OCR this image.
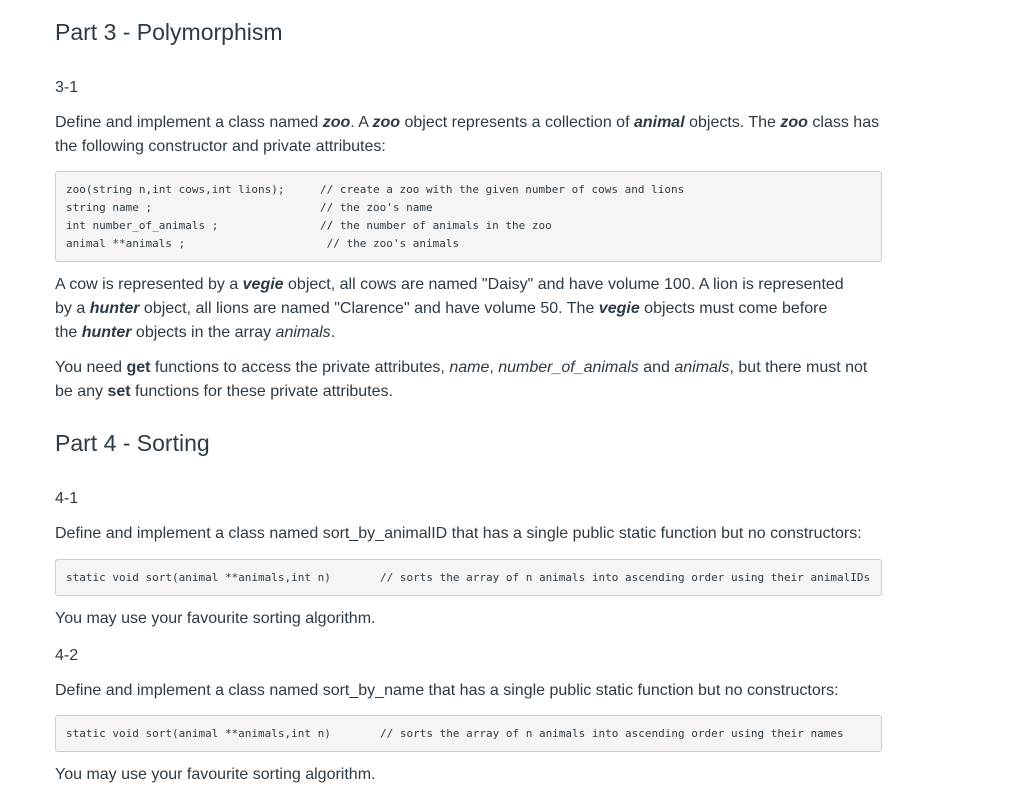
Part 3 - Polymorphism
3-1

Define and implement a class named zoo. A zoo object represents a collection of animal objects. The zoo class has the following constructor and private attributes:

zoo(string n,int cows,int lions);	// create a zoo with the given number of cows and lions
string name ;	// the zoo's name
int number_of_animals ;	// the number of animals in the zoo
animal **animals ;	// the zoo's animals

A cow is represented by a vegie object, all cows are named "Daisy" and have volume 100. A lion is represented by a hunter object, all lions are named "Clarence" and have volume 50. The vegie objects must come before the hunter objects in the array animals.

You need get functions to access the private attributes, name, number_of_animals and animals, but there must not be any set functions for these private attributes.

Part 4 - Sorting
4-1

Define and implement a class named sort_by_animalID that has a single public static function but no constructors:

static void sort(animal **animals,int n)	// sorts the array of n animals into ascending order using their animalIDs

You may use your favourite sorting algorithm.

4-2

Define and implement a class named sort_by_name that has a single public static function but no constructors:

static void sort(animal **animals,int n)	// sorts the array of n animals into ascending order using their names

You may use your favourite sorting algorithm.
